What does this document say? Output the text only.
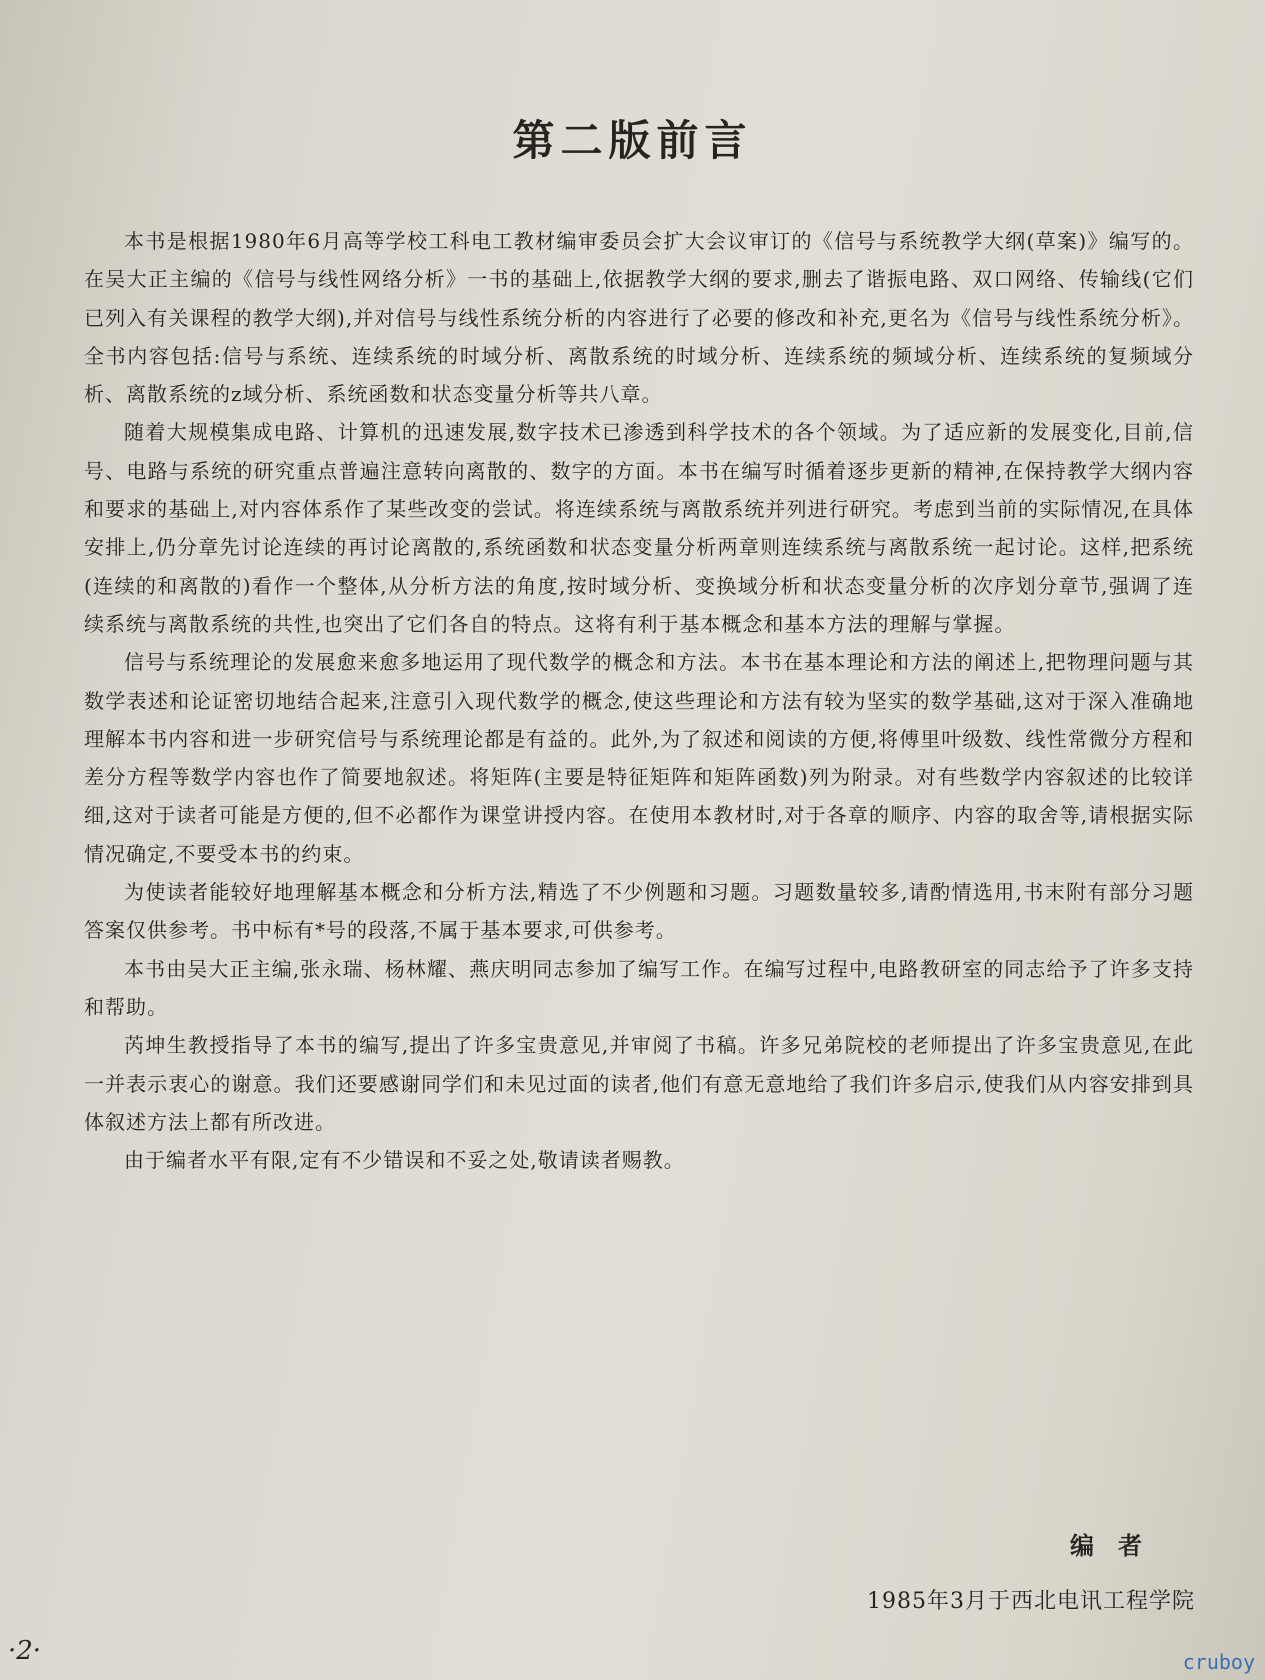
第二版前言

本书是根据1980年6月高等学校工科电工教材编审委员会扩大会议审订的《信号与系统教学大纲(草案)》编写的。在吴大正主编的《信号与线性网络分析》一书的基础上,依据教学大纲的要求,删去了谐振电路、双口网络、传输线(它们已列入有关课程的教学大纲),并对信号与线性系统分析的内容进行了必要的修改和补充,更名为《信号与线性系统分析》。全书内容包括:信号与系统、连续系统的时域分析、离散系统的时域分析、连续系统的频域分析、连续系统的复频域分析、离散系统的z域分析、系统函数和状态变量分析等共八章。

随着大规模集成电路、计算机的迅速发展,数字技术已渗透到科学技术的各个领域。为了适应新的发展变化,目前,信号、电路与系统的研究重点普遍注意转向离散的、数字的方面。本书在编写时循着逐步更新的精神,在保持教学大纲内容和要求的基础上,对内容体系作了某些改变的尝试。将连续系统与离散系统并列进行研究。考虑到当前的实际情况,在具体安排上,仍分章先讨论连续的再讨论离散的,系统函数和状态变量分析两章则连续系统与离散系统一起讨论。这样,把系统(连续的和离散的)看作一个整体,从分析方法的角度,按时域分析、变换域分析和状态变量分析的次序划分章节,强调了连续系统与离散系统的共性,也突出了它们各自的特点。这将有利于基本概念和基本方法的理解与掌握。

信号与系统理论的发展愈来愈多地运用了现代数学的概念和方法。本书在基本理论和方法的阐述上,把物理问题与其数学表述和论证密切地结合起来,注意引入现代数学的概念,使这些理论和方法有较为坚实的数学基础,这对于深入准确地理解本书内容和进一步研究信号与系统理论都是有益的。此外,为了叙述和阅读的方便,将傅里叶级数、线性常微分方程和差分方程等数学内容也作了简要地叙述。将矩阵(主要是特征矩阵和矩阵函数)列为附录。对有些数学内容叙述的比较详细,这对于读者可能是方便的,但不必都作为课堂讲授内容。在使用本教材时,对于各章的顺序、内容的取舍等,请根据实际情况确定,不要受本书的约束。

为使读者能较好地理解基本概念和分析方法,精选了不少例题和习题。习题数量较多,请酌情选用,书末附有部分习题答案仅供参考。书中标有*号的段落,不属于基本要求,可供参考。

本书由吴大正主编,张永瑞、杨林耀、燕庆明同志参加了编写工作。在编写过程中,电路教研室的同志给予了许多支持和帮助。

芮坤生教授指导了本书的编写,提出了许多宝贵意见,并审阅了书稿。许多兄弟院校的老师提出了许多宝贵意见,在此一并表示衷心的谢意。我们还要感谢同学们和未见过面的读者,他们有意无意地给了我们许多启示,使我们从内容安排到具体叙述方法上都有所改进。

由于编者水平有限,定有不少错误和不妥之处,敬请读者赐教。

编者
1985年3月于西北电讯工程学院
·2·	cruboy
